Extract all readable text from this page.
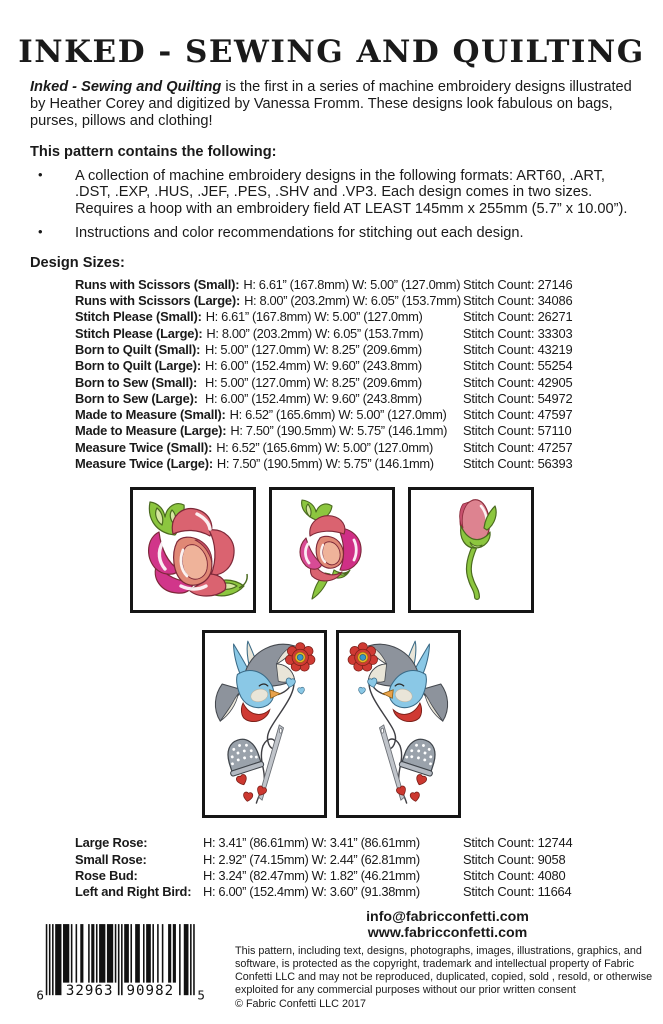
INKED - SEWING AND QUILTING

Inked - Sewing and Quilting is the first in a series of machine embroidery designs illustrated by Heather Corey and digitized by Vanessa Fromm. These designs look fabulous on bags, purses, pillows and clothing!

This pattern contains the following:
•	A collection of machine embroidery designs in the following formats: ART60, .ART, .DST, .EXP, .HUS, .JEF, .PES, .SHV and .VP3. Each design comes in two sizes. Requires a hoop with an embroidery field AT LEAST 145mm x 255mm (5.7” x 10.00”).
•	Instructions and color recommendations for stitching out each design.
Design Sizes:
Runs with Scissors (Small): H: 6.61” (167.8mm) W: 5.00” (127.0mm) Stitch Count: 27146
Runs with Scissors (Large): H: 8.00” (203.2mm) W: 6.05” (153.7mm) Stitch Count: 34086
Stitch Please (Small): H: 6.61” (167.8mm) W: 5.00” (127.0mm)	Stitch Count: 26271
Stitch Please (Large): H: 8.00” (203.2mm) W: 6.05” (153.7mm)	Stitch Count: 33303
Born to Quilt (Small): H: 5.00” (127.0mm) W: 8.25” (209.6mm)	Stitch Count: 43219
Born to Quilt (Large): H: 6.00” (152.4mm) W: 9.60” (243.8mm)	Stitch Count: 55254
Born to Sew (Small): H: 5.00” (127.0mm) W: 8.25” (209.6mm)	Stitch Count: 42905
Born to Sew (Large): H: 6.00” (152.4mm) W: 9.60” (243.8mm)	Stitch Count: 54972
Made to Measure (Small): H: 6.52” (165.6mm) W: 5.00” (127.0mm) Stitch Count: 47597
Made to Measure (Large): H: 7.50” (190.5mm) W: 5.75” (146.1mm) Stitch Count: 57110
Measure Twice (Small): H: 6.52” (165.6mm) W: 5.00” (127.0mm) Stitch Count: 47257
Measure Twice (Large): H: 7.50” (190.5mm) W: 5.75” (146.1mm) Stitch Count: 56393
Large Rose:	H: 3.41” (86.61mm) W: 3.41” (86.61mm)	Stitch Count: 12744
Small Rose:	H: 2.92” (74.15mm) W: 2.44” (62.81mm)	Stitch Count: 9058
Rose Bud:	H: 3.24” (82.47mm) W: 1.82” (46.21mm)	Stitch Count: 4080
Left and Right Bird: H: 6.00” (152.4mm) W: 3.60” (91.38mm)	Stitch Count: 11664
info@fabricconfetti.com
www.fabricconfetti.com

This pattern, including text, designs, photographs, images, illustrations, graphics, and software, is protected as the copyright, trademark and intellectual property of Fabric Confetti LLC and may not be reproduced, duplicated, copied, sold , resold, or otherwise exploited for any commercial purposes without our prior written consent

© Fabric Confetti LLC 2017

6 32963 90982 5
